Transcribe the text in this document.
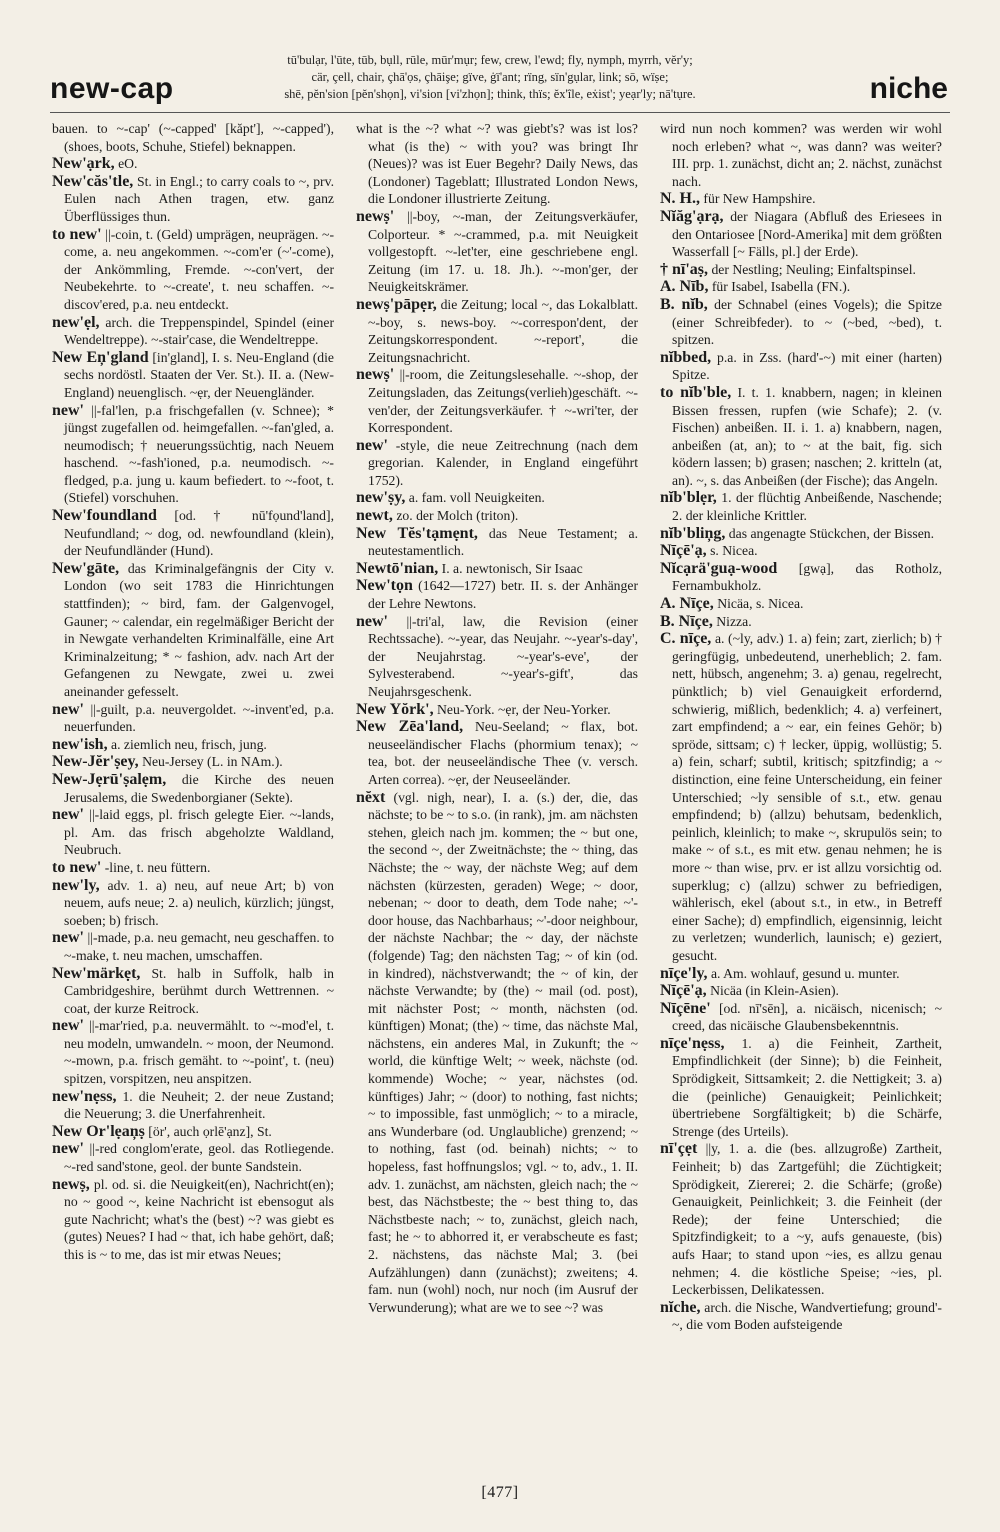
new-cap
tū'bulạr, l'ūte, tūb, bụll, rūle, mūr'mụr; few, crew, l'ewd; fly, nymph, myrrh, vĕr'y;
cär, çell, chair, çhā'ọs, çhāişe; gïve, ġï'ant; rïng, sïn'gụlar, link; sō, wïṣe;
shē, pĕn'sion [pĕn'shọn], vi'sion [vi'zhọn]; think, thïs; ĕx'île, eẋist'; yeạr'ly; nā'tụre.	niche
bauen. to ~-cap' (~-capped' [kăpt'], ~-capped'), (shoes, boots, Schuhe, Stiefel) beknappen.
New'ạrk, eO.
New'căs'tle, St. in Engl.; to carry coals to ~, prv. Eulen nach Athen tragen, etw. ganz Überflüssiges thun.
to new' ||-coin, t. (Geld) umprägen, neuprägen. ~-come, a. neu angekommen. ~-com'er (~'-come), der Ankömmling, Fremde. ~-con'vert, der Neubekehrte. to ~-create', t. neu schaffen. ~-discov'ered, p.a. neu entdeckt.
new'ẹl, arch. die Treppenspindel, Spindel (einer Wendeltreppe). ~-stair'case, die Wendeltreppe.
New Eņ'gland [in'gland], I. s. Neu-England (die sechs nordöstl. Staaten der Ver. St.). II. a. (New-England) neuenglisch. ~ẹr, der Neuengländer.
new' ||-fal'len, p.a frischgefallen (v. Schnee); * jüngst zugefallen od. heimgefallen. ~-fan'gled, a. neumodisch; † neuerungssüchtig, nach Neuem haschend. ~-fash'ioned, p.a. neumodisch. ~-fledged, p.a. jung u. kaum befiedert. to ~-foot, t. (Stiefel) vorschuhen.
New'foundland [od. † nū'fọund'land], Neufundland; ~ dog, od. newfoundland (klein), der Neufundländer (Hund).
New'gāte, das Kriminalgefängnis der City v. London (wo seit 1783 die Hinrichtungen stattfinden); ~ bird, fam. der Galgenvogel, Gauner; ~ calendar, ein regelmäßiger Bericht der in Newgate verhandelten Kriminalfälle, eine Art Kriminalzeitung; * ~ fashion, adv. nach Art der Gefangenen zu Newgate, zwei u. zwei aneinander gefesselt.
new' ||-guilt, p.a. neuvergoldet. ~-invent'ed, p.a. neuerfunden.
new'ish, a. ziemlich neu, frisch, jung.
New-Jĕr'ṣey, Neu-Jersey (L. in NAm.).
New-Jẹrū'ṣalẹm, die Kirche des neuen Jerusalems, die Swedenborgianer (Sekte).
new' ||-laid eggs, pl. frisch gelegte Eier. ~-lands, pl. Am. das frisch abgeholzte Waldland, Neubruch.
to new' -line, t. neu füttern.
new'ly, adv. 1. a) neu, auf neue Art; b) von neuem, aufs neue; 2. a) neulich, kürzlich; jüngst, soeben; b) frisch.
new' ||-made, p.a. neu gemacht, neu geschaffen. to ~-make, t. neu machen, umschaffen.
New'märkẹt, St. halb in Suffolk, halb in Cambridgeshire, berühmt durch Wettrennen. ~ coat, der kurze Reitrock.
new' ||-mar'ried, p.a. neuvermählt. to ~-mod'el, t. neu modeln, umwandeln. ~ moon, der Neumond. ~-mown, p.a. frisch gemäht. to ~-point', t. (neu) spitzen, vorspitzen, neu anspitzen.
new'nẹss, 1. die Neuheit; 2. der neue Zustand; die Neuerung; 3. die Unerfahrenheit.
New Or'lẹaņṣ [ör', auch ọrlē'ạnz], St.
new' ||-red conglom'erate, geol. das Rotliegende. ~-red sand'stone, geol. der bunte Sandstein.
newṣ, pl. od. si. die Neuigkeit(en), Nachricht(en); no ~ good ~, keine Nachricht ist ebensogut als gute Nachricht; what's the (best) ~? was giebt es (gutes) Neues? I had ~ that, ich habe gehört, daß; this is ~ to me, das ist mir etwas Neues;
what is the ~? what ~? was giebt's? was ist los? what (is the) ~ with you? was bringt Ihr (Neues)? was ist Euer Begehr? Daily News, das (Londoner) Tageblatt; Illustrated London News, die Londoner illustrierte Zeitung.
newṣ' ||-boy, ~-man, der Zeitungsverkäufer, Colporteur. * ~-crammed, p.a. mit Neuigkeit vollgestopft. ~-let'ter, eine geschriebene engl. Zeitung (im 17. u. 18. Jh.). ~-mon'ger, der Neuigkeitskrämer.
newṣ'pāpẹr, die Zeitung; local ~, das Lokalblatt. ~-boy, s. news-boy. ~-correspon'dent, der Zeitungskorrespondent. ~-report', die Zeitungsnachricht.
newṣ' ||-room, die Zeitungslesehalle. ~-shop, der Zeitungsladen, das Zeitungs(verlieh)geschäft. ~-ven'der, der Zeitungsverkäufer. † ~-wri'ter, der Korrespondent.
new' -style, die neue Zeitrechnung (nach dem gregorian. Kalender, in England eingeführt 1752).
new'ṣy, a. fam. voll Neuigkeiten.
newt, zo. der Molch (triton).
New Tĕs'tạmẹnt, das Neue Testament; a. neutestamentlich.
Newtō'nian, I. a. newtonisch, Sir Isaac
New'tọn (1642—1727) betr. II. s. der Anhänger der Lehre Newtons.
new' ||-tri'al, law, die Revision (einer Rechtssache). ~-year, das Neujahr. ~-year's-day', der Neujahrstag. ~-year's-eve', der Sylvesterabend. ~-year's-gift', das Neujahrsgeschenk.
New Yŏrk', Neu-York. ~ẹr, der Neu-Yorker.
New Zēa'land, Neu-Seeland; ~ flax, bot. neuseeländischer Flachs (phormium tenax); ~ tea, bot. der neuseeländische Thee (v. versch. Arten correa). ~ẹr, der Neuseeländer.
nĕxt (vgl. nigh, near), I. a. (s.) der, die, das nächste; to be ~ to s.o. (in rank), jm. am nächsten stehen, gleich nach jm. kommen; the ~ but one, the second ~, der Zweitnächste; the ~ thing, das Nächste; the ~ way, der nächste Weg; auf dem nächsten (kürzesten, geraden) Wege; ~ door, nebenan; ~ door to death, dem Tode nahe; ~'-door house, das Nachbarhaus; ~'-door neighbour, der nächste Nachbar; the ~ day, der nächste (folgende) Tag; den nächsten Tag; ~ of kin (od. in kindred), nächstverwandt; the ~ of kin, der nächste Verwandte; by (the) ~ mail (od. post), mit nächster Post; ~ month, nächsten (od. künftigen) Monat; (the) ~ time, das nächste Mal, nächstens, ein anderes Mal, in Zukunft; the ~ world, die künftige Welt; ~ week, nächste (od. kommende) Woche; ~ year, nächstes (od. künftiges) Jahr; ~ (door) to nothing, fast nichts; ~ to impossible, fast unmöglich; ~ to a miracle, ans Wunderbare (od. Unglaubliche) grenzend; ~ to nothing, fast (od. beinah) nichts; ~ to hopeless, fast hoffnungslos; vgl. ~ to, adv., 1. II. adv. 1. zunächst, am nächsten, gleich nach; the ~ best, das Nächstbeste; the ~ best thing to, das Nächstbeste nach; ~ to, zunächst, gleich nach, fast; he ~ to abhorred it, er verabscheute es fast; 2. nächstens, das nächste Mal; 3. (bei Aufzählungen) dann (zunächst); zweitens; 4. fam. nun (wohl) noch, nur noch (im Ausruf der Verwunderung); what are we to see ~? was
wird nun noch kommen? was werden wir wohl noch erleben? what ~, was dann? was weiter? III. prp. 1. zunächst, dicht an; 2. nächst, zunächst nach.
N. H., für New Hampshire.
Nĭăg'ạrạ, der Niagara (Abfluß des Eriesees in den Ontariosee [Nord-Amerika] mit dem größten Wasserfall [~ Fälls, pl.] der Erde).
† nī'aṣ, der Nestling; Neuling; Einfaltspinsel.
A. Nīb, für Isabel, Isabella (FN.).
B. nĭb, der Schnabel (eines Vogels); die Spitze (einer Schreibfeder). to ~ (~bed, ~bed), t. spitzen.
nĭbbed, p.a. in Zss. (hard'-~) mit einer (harten) Spitze.
to nĭb'ble, I. t. 1. knabbern, nagen; in kleinen Bissen fressen, rupfen (wie Schafe); 2. (v. Fischen) anbeißen. II. i. 1. a) knabbern, nagen, anbeißen (at, an); to ~ at the bait, fig. sich ködern lassen; b) grasen; naschen; 2. kritteln (at, an). ~, s. das Anbeißen (der Fische); das Angeln.
nĭb'blẹr, 1. der flüchtig Anbeißende, Naschende; 2. der kleinliche Krittler.
nĭb'bliņg, das angenagte Stückchen, der Bissen.
Nīçē'ạ, s. Nicea.
Nĭcạrä'guạ-wood [gwạ], das Rotholz, Fernambukholz.
A. Nīçe, Nicäa, s. Nicea.
B. Nīçe, Nizza.
C. nīçe, a. (~ly, adv.) 1. a) fein; zart, zierlich; b) † geringfügig, unbedeutend, unerheblich; 2. fam. nett, hübsch, angenehm; 3. a) genau, regelrecht, pünktlich; b) viel Genauigkeit erfordernd, schwierig, mißlich, bedenklich; 4. a) verfeinert, zart empfindend; a ~ ear, ein feines Gehör; b) spröde, sittsam; c) † lecker, üppig, wollüstig; 5. a) fein, scharf; subtil, kritisch; spitzfindig; a ~ distinction, eine feine Unterscheidung, ein feiner Unterschied; ~ly sensible of s.t., etw. genau empfindend; b) (allzu) behutsam, bedenklich, peinlich, kleinlich; to make ~, skrupulös sein; to make ~ of s.t., es mit etw. genau nehmen; he is more ~ than wise, prv. er ist allzu vorsichtig od. superklug; c) (allzu) schwer zu befriedigen, wählerisch, ekel (about s.t., in etw., in Betreff einer Sache); d) empfindlich, eigensinnig, leicht zu verletzen; wunderlich, launisch; e) geziert, gesucht.
nīçe'ly, a. Am. wohlauf, gesund u. munter.
Nīçē'ạ, Nicäa (in Klein-Asien).
Nīçēne' [od. nī'sēn], a. nicäisch, nicenisch; ~ creed, das nicäische Glaubensbekenntnis.
nīçe'nẹss, 1. a) die Feinheit, Zartheit, Empfindlichkeit (der Sinne); b) die Feinheit, Sprödigkeit, Sittsamkeit; 2. die Nettigkeit; 3. a) die (peinliche) Genauigkeit; Peinlichkeit; übertriebene Sorgfältigkeit; b) die Schärfe, Strenge (des Urteils).
nī'çẹt ||y, 1. a. die (bes. allzugroße) Zartheit, Feinheit; b) das Zartgefühl; die Züchtigkeit; Sprödigkeit, Ziererei; 2. die Schärfe; (große) Genauigkeit, Peinlichkeit; 3. die Feinheit (der Rede); der feine Unterschied; die Spitzfindigkeit; to a ~y, aufs genaueste, (bis) aufs Haar; to stand upon ~ies, es allzu genau nehmen; 4. die köstliche Speise; ~ies, pl. Leckerbissen, Delikatessen.
nĭche, arch. die Nische, Wandvertiefung; ground'-~, die vom Boden aufsteigende
[477]
